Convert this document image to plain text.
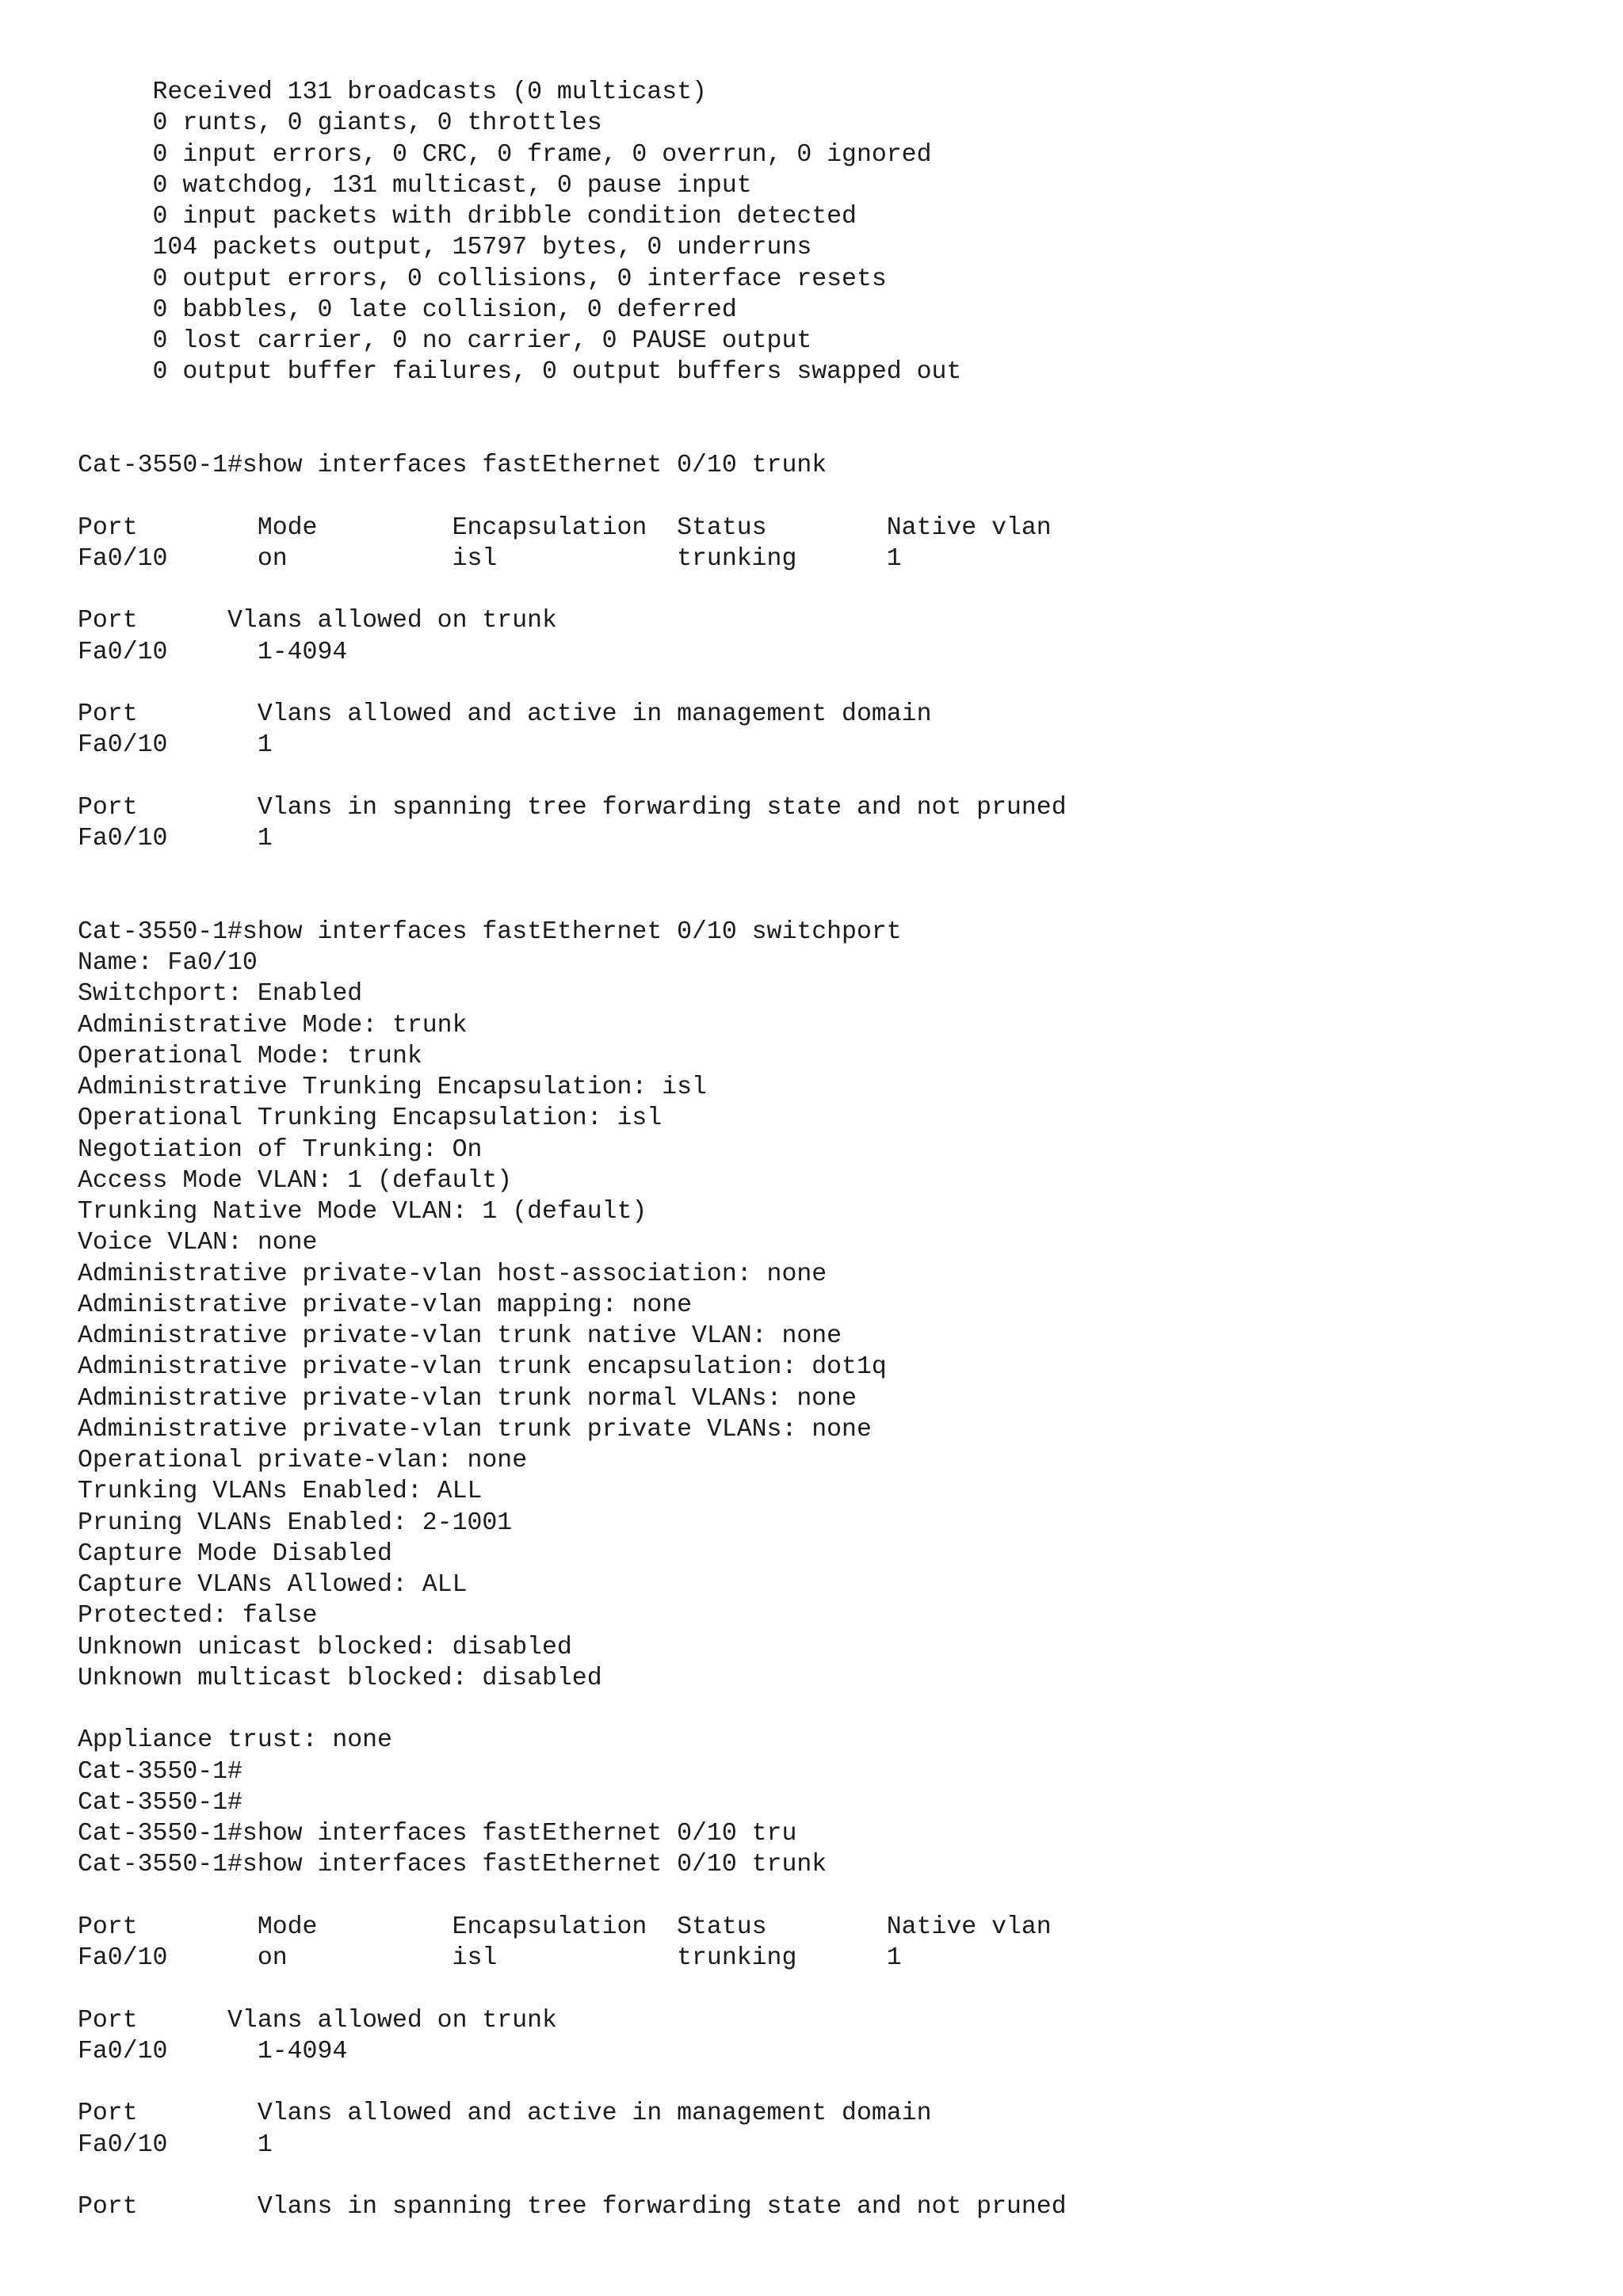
Received 131 broadcasts (0 multicast)
0 runts, 0 giants, 0 throttles
0 input errors, 0 CRC, 0 frame, 0 overrun, 0 ignored
0 watchdog, 131 multicast, 0 pause input
0 input packets with dribble condition detected
104 packets output, 15797 bytes, 0 underruns
0 output errors, 0 collisions, 0 interface resets
0 babbles, 0 late collision, 0 deferred
0 lost carrier, 0 no carrier, 0 PAUSE output
0 output buffer failures, 0 output buffers swapped out
Cat-3550-1#show interfaces fastEthernet 0/10 trunk
Port        Mode         Encapsulation  Status        Native vlan
Fa0/10      on           isl            trunking      1
Port      Vlans allowed on trunk
Fa0/10      1-4094
Port        Vlans allowed and active in management domain
Fa0/10      1
Port        Vlans in spanning tree forwarding state and not pruned
Fa0/10      1
Cat-3550-1#show interfaces fastEthernet 0/10 switchport
Name: Fa0/10
Switchport: Enabled
Administrative Mode: trunk
Operational Mode: trunk
Administrative Trunking Encapsulation: isl
Operational Trunking Encapsulation: isl
Negotiation of Trunking: On
Access Mode VLAN: 1 (default)
Trunking Native Mode VLAN: 1 (default)
Voice VLAN: none
Administrative private-vlan host-association: none
Administrative private-vlan mapping: none
Administrative private-vlan trunk native VLAN: none
Administrative private-vlan trunk encapsulation: dot1q
Administrative private-vlan trunk normal VLANs: none
Administrative private-vlan trunk private VLANs: none
Operational private-vlan: none
Trunking VLANs Enabled: ALL
Pruning VLANs Enabled: 2-1001
Capture Mode Disabled
Capture VLANs Allowed: ALL
Protected: false
Unknown unicast blocked: disabled
Unknown multicast blocked: disabled
Appliance trust: none
Cat-3550-1#
Cat-3550-1#
Cat-3550-1#show interfaces fastEthernet 0/10 tru
Cat-3550-1#show interfaces fastEthernet 0/10 trunk
Port        Mode         Encapsulation  Status        Native vlan
Fa0/10      on           isl            trunking      1
Port      Vlans allowed on trunk
Fa0/10      1-4094
Port        Vlans allowed and active in management domain
Fa0/10      1
Port        Vlans in spanning tree forwarding state and not pruned
